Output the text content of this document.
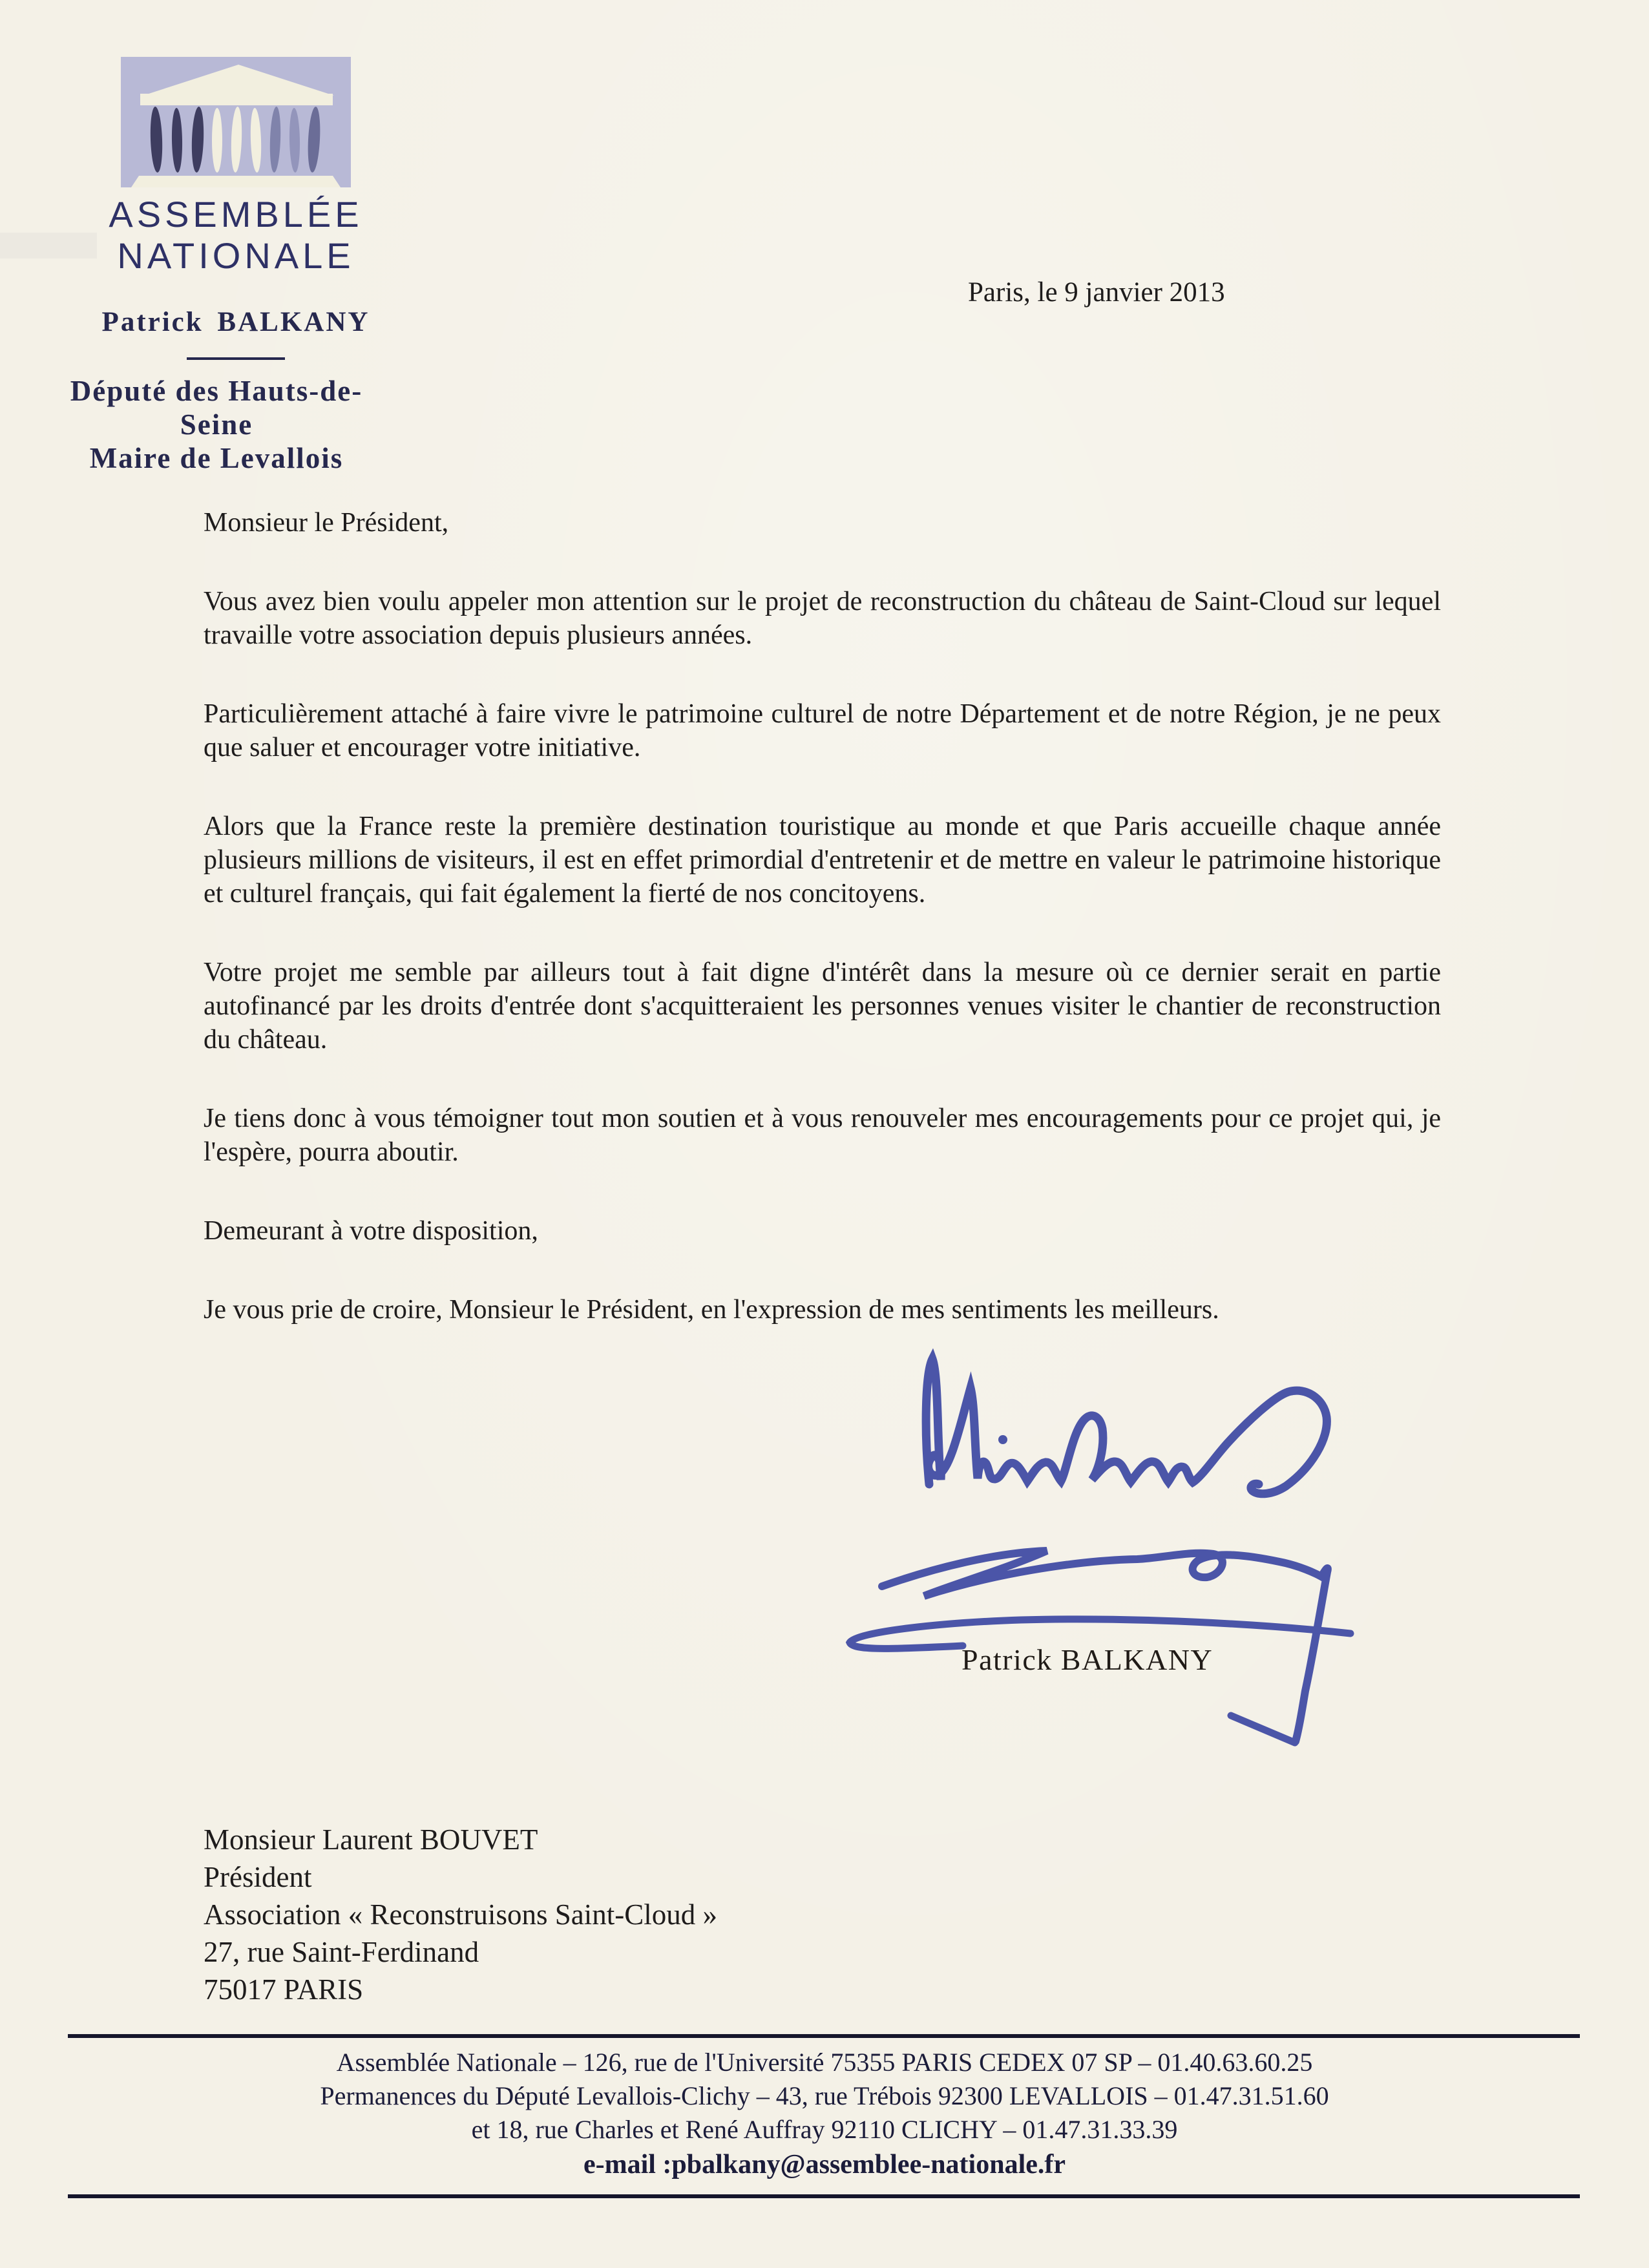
ASSEMBLÉE
NATIONALE
Patrick BALKANY
Député des Hauts-de-Seine
Maire de Levallois
Paris, le 9 janvier 2013

Monsieur le Président,

Vous avez bien voulu appeler mon attention sur le projet de reconstruction du château de Saint-Cloud sur lequel travaille votre association depuis plusieurs années.

Particulièrement attaché à faire vivre le patrimoine culturel de notre Département et de notre Région, je ne peux que saluer et encourager votre initiative.

Alors que la France reste la première destination touristique au monde et que Paris accueille chaque année plusieurs millions de visiteurs, il est en effet primordial d'entretenir et de mettre en valeur le patrimoine historique et culturel français, qui fait également la fierté de nos concitoyens.

Votre projet me semble par ailleurs tout à fait digne d'intérêt dans la mesure où ce dernier serait en partie autofinancé par les droits d'entrée dont s'acquitteraient les personnes venues visiter le chantier de reconstruction du château.

Je tiens donc à vous témoigner tout mon soutien et à vous renouveler mes encouragements pour ce projet qui, je l'espère, pourra aboutir.

Demeurant à votre disposition,

Je vous prie de croire, Monsieur le Président, en l'expression de mes sentiments les meilleurs.

Patrick BALKANY
Monsieur Laurent BOUVET
Président
Association « Reconstruisons Saint-Cloud »
27, rue Saint-Ferdinand
75017 PARIS
Assemblée Nationale – 126, rue de l'Université 75355 PARIS CEDEX 07 SP – 01.40.63.60.25
Permanences du Député Levallois-Clichy – 43, rue Trébois 92300 LEVALLOIS – 01.47.31.51.60
et 18, rue Charles et René Auffray 92110 CLICHY – 01.47.31.33.39
e-mail :pbalkany@assemblee-nationale.fr
